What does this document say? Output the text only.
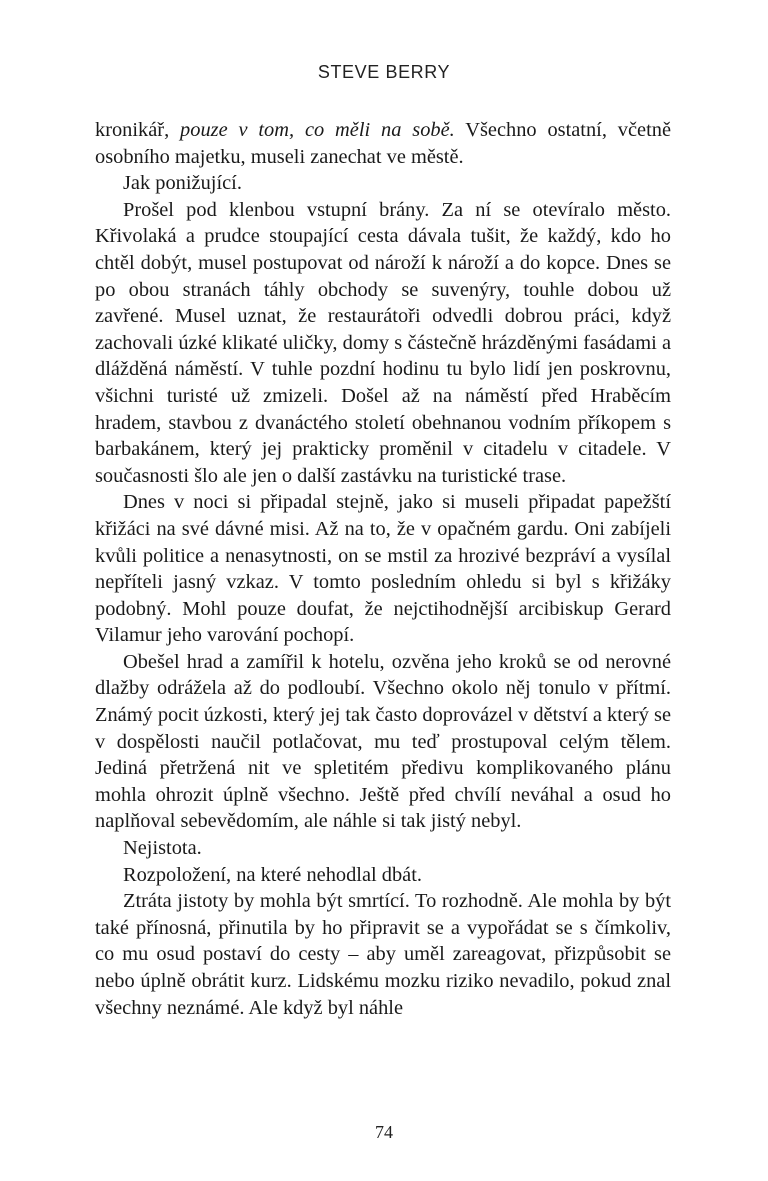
STEVE BERRY

kronikář, pouze v tom, co měli na sobě. Všechno ostatní, včetně osobního majetku, museli zanechat ve městě.

Jak ponižující.

Prošel pod klenbou vstupní brány. Za ní se otevíralo město. Křivolaká a prudce stoupající cesta dávala tušit, že každý, kdo ho chtěl dobýt, musel postupovat od nároží k nároží a do kopce. Dnes se po obou stranách táhly obchody se suvenýry, touhle dobou už zavřené. Musel uznat, že restaurátoři odvedli dobrou práci, když zachovali úzké klikaté uličky, domy s částečně hrázděnými fasádami a dlážděná náměstí. V tuhle pozdní hodinu tu bylo lidí jen poskrovnu, všichni turisté už zmizeli. Došel až na náměstí před Hraběcím hradem, stavbou z dvanáctého století obehnanou vodním příkopem s barbakánem, který jej prakticky proměnil v citadelu v citadele. V současnosti šlo ale jen o další zastávku na turistické trase.

Dnes v noci si připadal stejně, jako si museli připadat papežští křižáci na své dávné misi. Až na to, že v opačném gardu. Oni zabíjeli kvůli politice a nenasytnosti, on se mstil za hrozivé bezpráví a vysílal nepříteli jasný vzkaz. V tomto posledním ohledu si byl s křižáky podobný. Mohl pouze doufat, že nejctihodnější arcibiskup Gerard Vilamur jeho varování pochopí.

Obešel hrad a zamířil k hotelu, ozvěna jeho kroků se od nerovné dlažby odrážela až do podloubí. Všechno okolo něj tonulo v přítmí. Známý pocit úzkosti, který jej tak často doprovázel v dětství a který se v dospělosti naučil potlačovat, mu teď prostupoval celým tělem. Jediná přetržená nit ve spletitém předivu komplikovaného plánu mohla ohrozit úplně všechno. Ještě před chvílí neváhal a osud ho naplňoval sebevědomím, ale náhle si tak jistý nebyl.

Nejistota.

Rozpoložení, na které nehodlal dbát.

Ztráta jistoty by mohla být smrtící. To rozhodně. Ale mohla by být také přínosná, přinutila by ho připravit se a vypořádat se s čímkoliv, co mu osud postaví do cesty – aby uměl zareagovat, přizpůsobit se nebo úplně obrátit kurz. Lidskému mozku riziko nevadilo, pokud znal všechny neznámé. Ale když byl náhle

74
